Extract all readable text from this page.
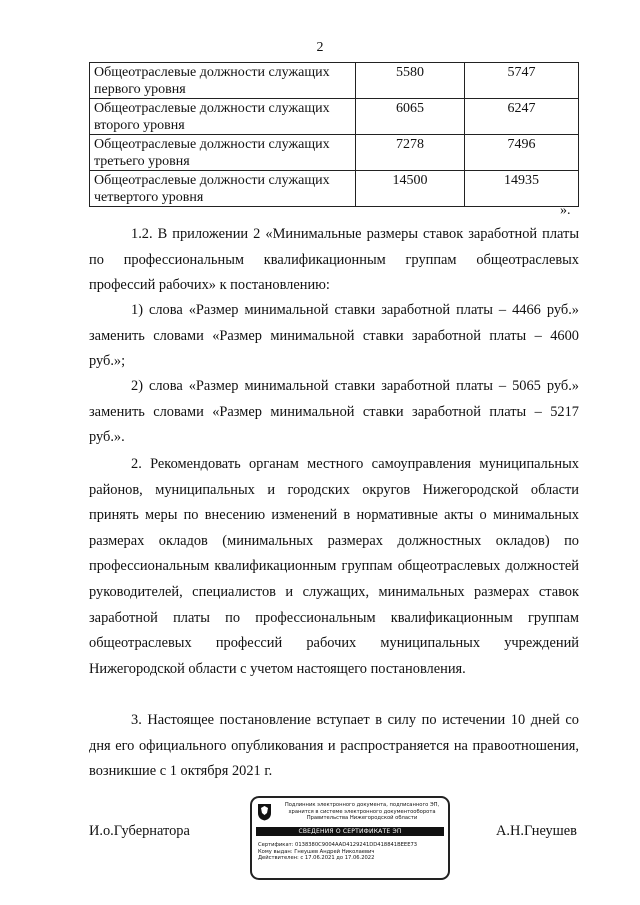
2
Общеотраслевые должности служащих первого уровня	5580	5747
Общеотраслевые должности служащих второго уровня	6065	6247
Общеотраслевые должности служащих третьего уровня	7278	7496
Общеотраслевые должности служащих четвертого уровня	14500	14935
».

1.2. В приложении 2 «Минимальные размеры ставок заработной платы по профессиональным квалификационным группам общеотраслевых профессий рабочих» к постановлению:

1) слова «Размер минимальной ставки заработной платы – 4466 руб.» заменить словами «Размер минимальной ставки заработной платы – 4600 руб.»;

2) слова «Размер минимальной ставки заработной платы – 5065 руб.» заменить словами «Размер минимальной ставки заработной платы – 5217 руб.».

2. Рекомендовать органам местного самоуправления муниципальных районов, муниципальных и городских округов Нижегородской области принять меры по внесению изменений в нормативные акты о минимальных размерах окладов (минимальных размерах должностных окладов) по профессиональным квалификационным группам общеотраслевых должностей руководителей, специалистов и служащих, минимальных размерах ставок заработной платы по профессиональным квалификационным группам общеотраслевых профессий рабочих муниципальных учреждений Нижегородской области с учетом настоящего постановления.

3. Настоящее постановление вступает в силу по истечении 10 дней со дня его официального опубликования и распространяется на правоотношения, возникшие с 1 октября 2021 г.

И.о.Губернатора	А.Н.Гнеушев
Подлинник электронного документа, подписанного ЭП, хранится в системе электронного документооборота Правительства Нижегородской области
СВЕДЕНИЯ О СЕРТИФИКАТЕ ЭП
Сертификат: 0138380C9004AAD4129241DD418841BEEE73
Кому выдан: Гнеушев Андрей Николаевич
Действителен: с 17.06.2021 до 17.06.2022
